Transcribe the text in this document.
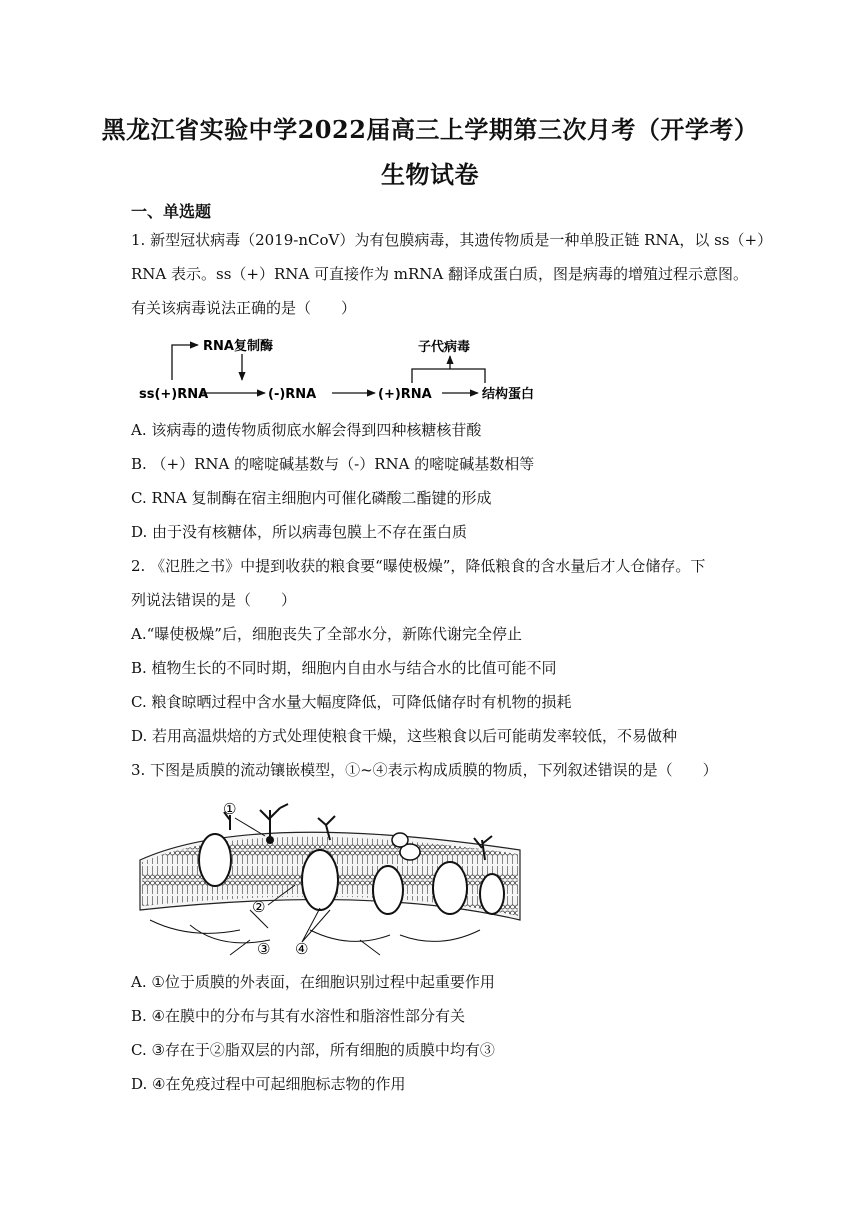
黑龙江省实验中学2022届高三上学期第三次月考（开学考）
生物试卷
一、单选题
1. 新型冠状病毒（2019-nCoV）为有包膜病毒，其遗传物质是一种单股正链 RNA，以 ss（+）
RNA 表示。ss（+）RNA 可直接作为 mRNA 翻译成蛋白质，图是病毒的增殖过程示意图。
有关该病毒说法正确的是（　　）
ss(+)RNA
RNA复制酶
(-)RNA	(+)RNA	结构蛋白
子代病毒
A. 该病毒的遗传物质彻底水解会得到四种核糖核苷酸
B. （+）RNA 的嘧啶碱基数与（-）RNA 的嘧啶碱基数相等
C. RNA 复制酶在宿主细胞内可催化磷酸二酯键的形成
D. 由于没有核糖体，所以病毒包膜上不存在蛋白质
2. 《氾胜之书》中提到收获的粮食要“曝使极燥”，降低粮食的含水量后才人仓储存。下
列说法错误的是（　　）
A.“曝使极燥”后，细胞丧失了全部水分，新陈代谢完全停止
B. 植物生长的不同时期，细胞内自由水与结合水的比值可能不同
C. 粮食晾晒过程中含水量大幅度降低，可降低储存时有机物的损耗
D. 若用高温烘焙的方式处理使粮食干燥，这些粮食以后可能萌发率较低，不易做种
3. 下图是质膜的流动镶嵌模型，①~④表示构成质膜的物质，下列叙述错误的是（　　）
①
②
③ ④
A. ①位于质膜的外表面，在细胞识别过程中起重要作用
B. ④在膜中的分布与其有水溶性和脂溶性部分有关
C. ③存在于②脂双层的内部，所有细胞的质膜中均有③
D. ④在免疫过程中可起细胞标志物的作用
